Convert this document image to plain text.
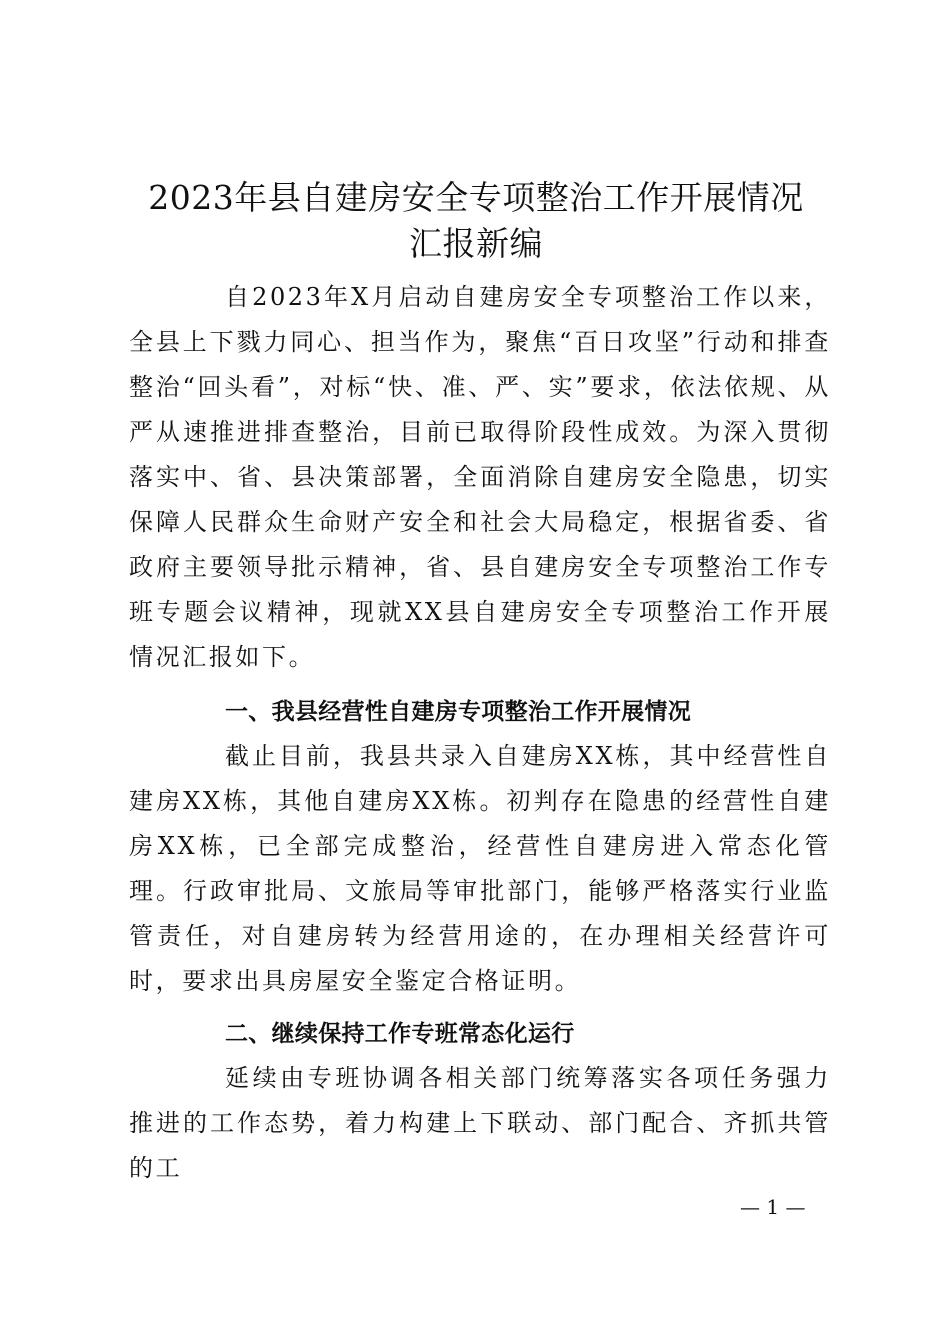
2023年县自建房安全专项整治工作开展情况
汇报新编

自2023年X月启动自建房安全专项整治工作以来，全县上下戮力同心、担当作为，聚焦“百日攻坚”行动和排查整治“回头看”，对标“快、准、严、实”要求，依法依规、从严从速推进排查整治，目前已取得阶段性成效。为深入贯彻落实中、省、县决策部署，全面消除自建房安全隐患，切实保障人民群众生命财产安全和社会大局稳定，根据省委、省政府主要领导批示精神，省、县自建房安全专项整治工作专班专题会议精神，现就XX县自建房安全专项整治工作开展情况汇报如下。

一、我县经营性自建房专项整治工作开展情况

截止目前，我县共录入自建房XX栋，其中经营性自建房XX栋，其他自建房XX栋。初判存在隐患的经营性自建房XX栋，已全部完成整治，经营性自建房进入常态化管理。行政审批局、文旅局等审批部门，能够严格落实行业监管责任，对自建房转为经营用途的，在办理相关经营许可时，要求出具房屋安全鉴定合格证明。

二、继续保持工作专班常态化运行

延续由专班协调各相关部门统筹落实各项任务强力推进的工作态势，着力构建上下联动、部门配合、齐抓共管的工

— 1 —
